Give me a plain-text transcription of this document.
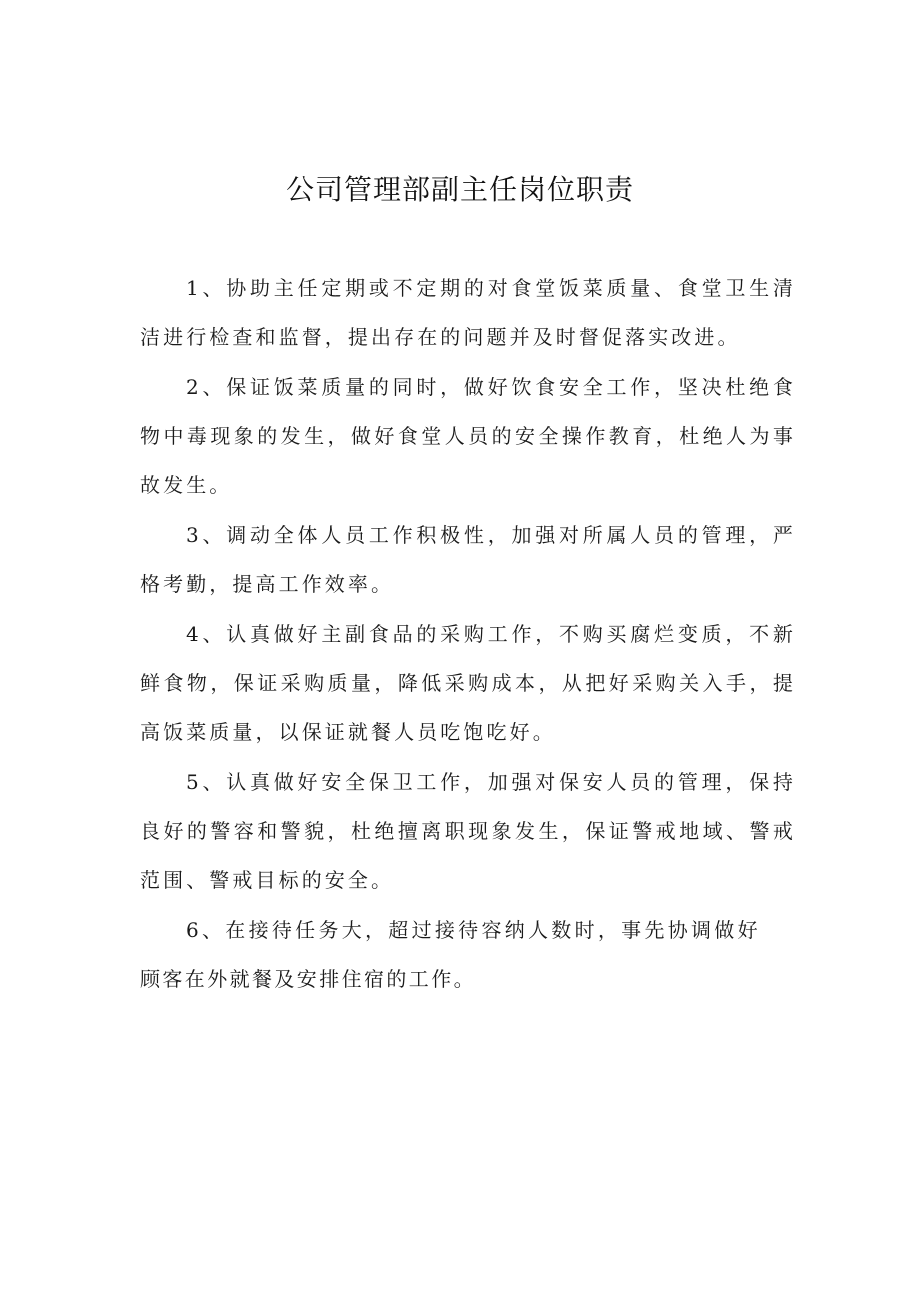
公司管理部副主任岗位职责

1、协助主任定期或不定期的对食堂饭菜质量、食堂卫生清洁进行检查和监督，提出存在的问题并及时督促落实改进。

2、保证饭菜质量的同时，做好饮食安全工作，坚决杜绝食物中毒现象的发生，做好食堂人员的安全操作教育，杜绝人为事故发生。

3、调动全体人员工作积极性，加强对所属人员的管理，严格考勤，提高工作效率。

4、认真做好主副食品的采购工作，不购买腐烂变质，不新鲜食物，保证采购质量，降低采购成本，从把好采购关入手，提高饭菜质量，以保证就餐人员吃饱吃好。

5、认真做好安全保卫工作，加强对保安人员的管理，保持良好的警容和警貌，杜绝擅离职现象发生，保证警戒地域、警戒范围、警戒目标的安全。

6、在接待任务大，超过接待容纳人数时，事先协调做好顾客在外就餐及安排住宿的工作。
